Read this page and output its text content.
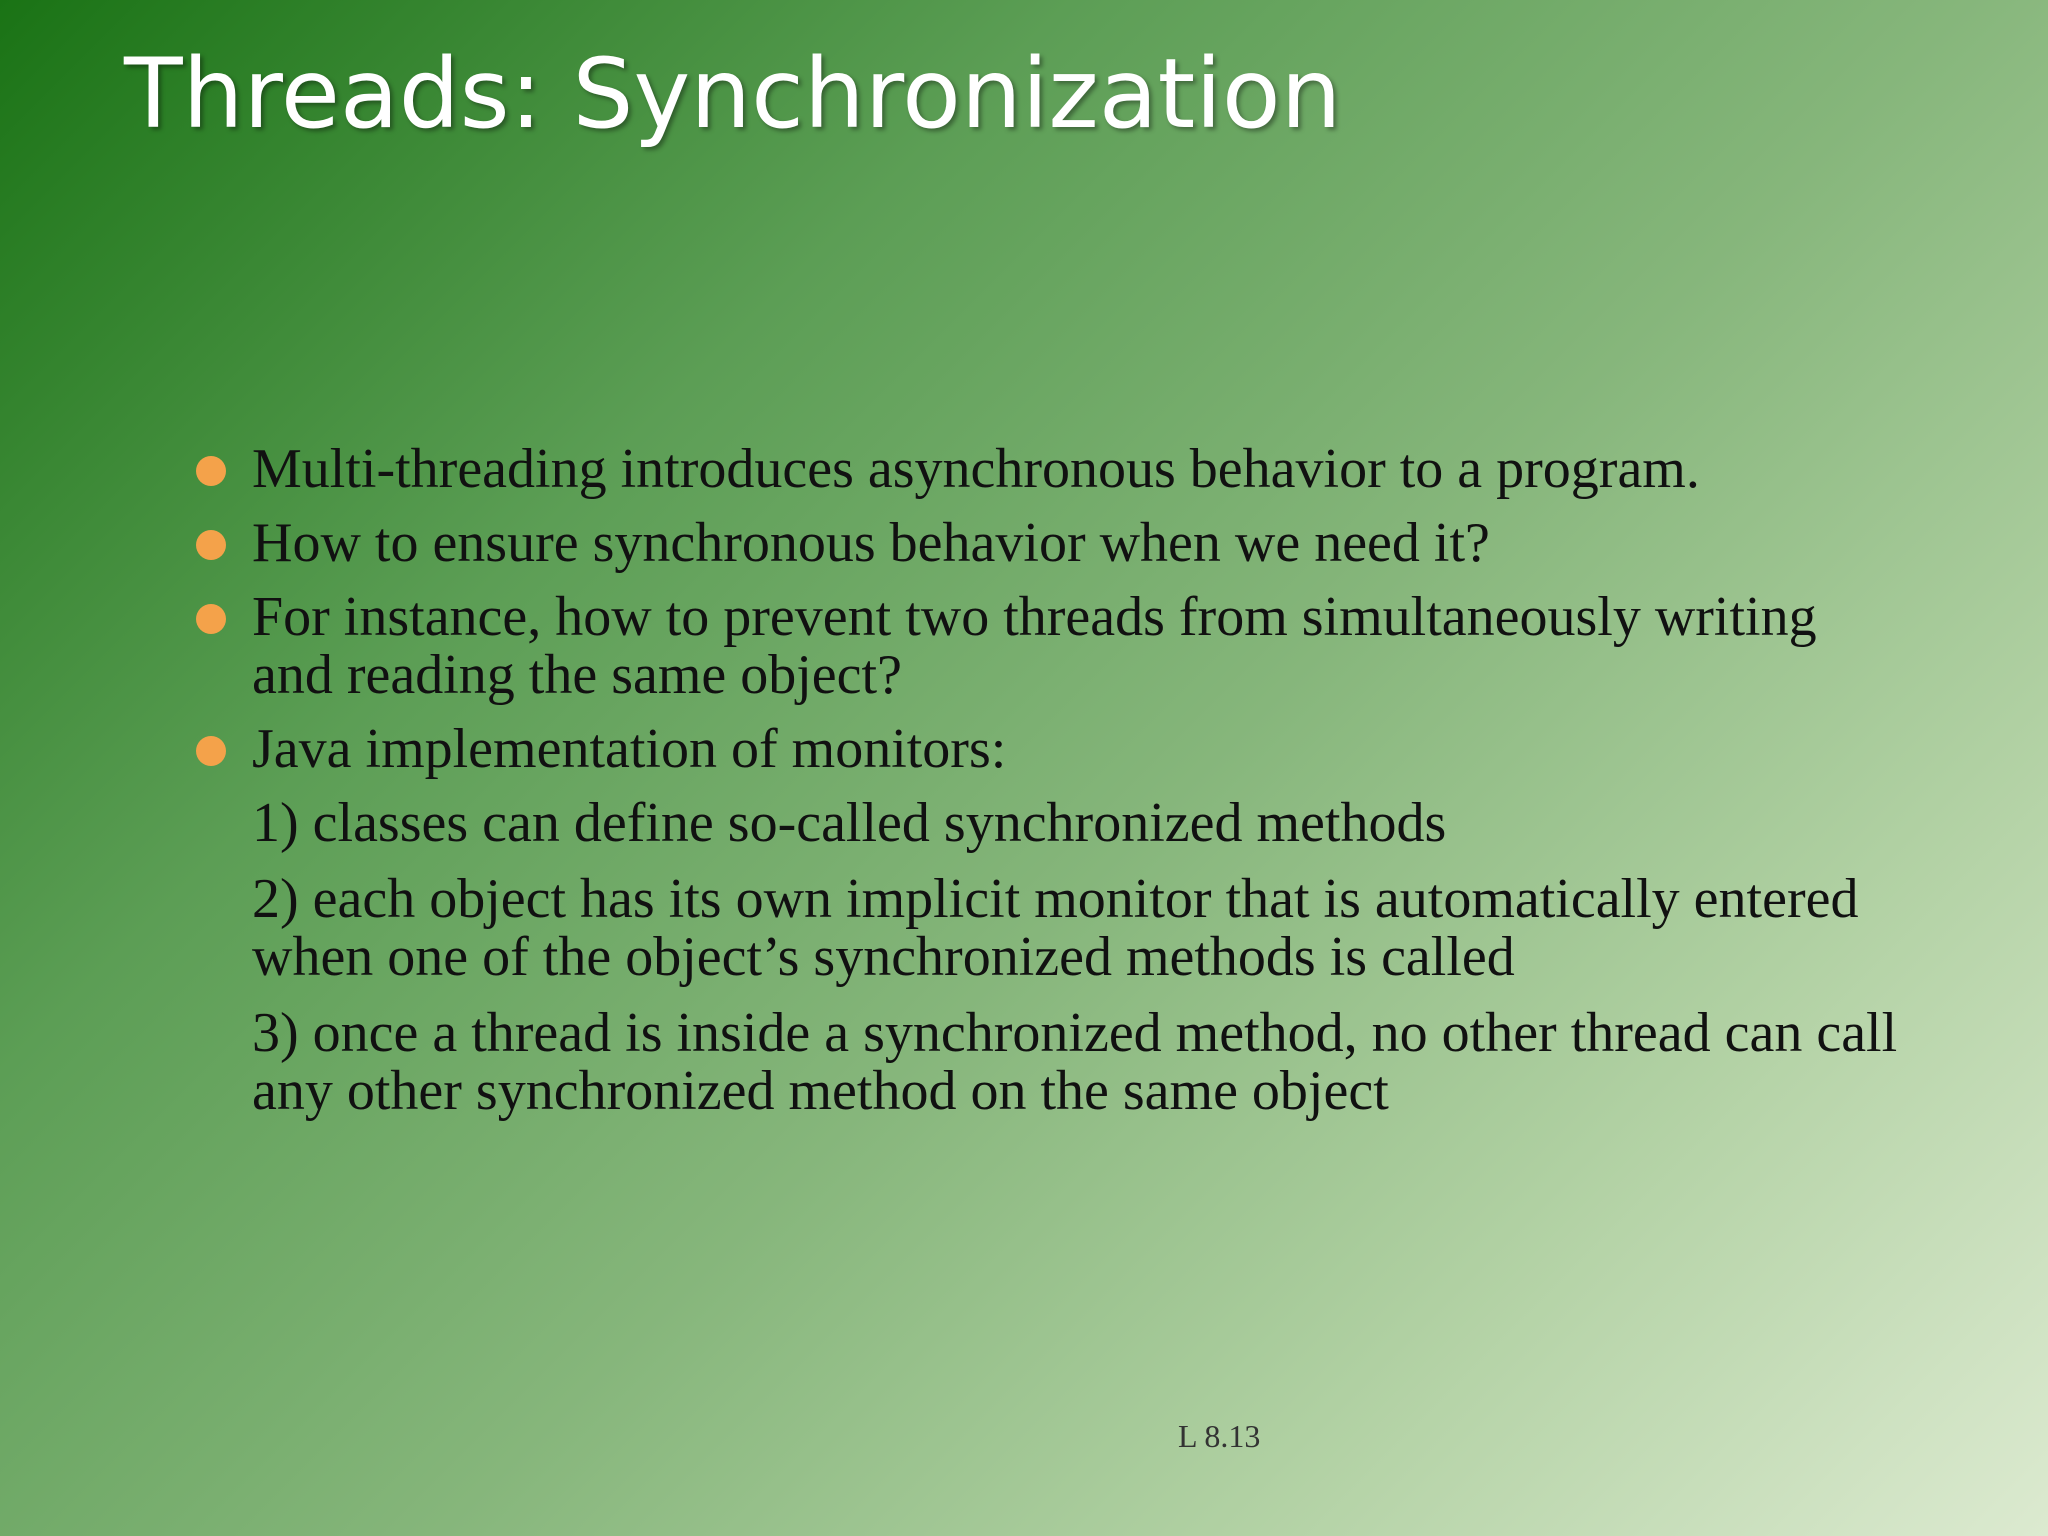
Threads: Synchronization
Multi-threading introduces asynchronous behavior to a program.
How to ensure synchronous behavior when we need it?
For instance, how to prevent two threads from simultaneously writing and reading the same object?
Java implementation of monitors:
1) classes can define so-called synchronized methods
2) each object has its own implicit monitor that is automatically entered when one of the object’s synchronized methods is called
3) once a thread is inside a synchronized method, no other thread can call any other synchronized method on the same object
L 8.13
